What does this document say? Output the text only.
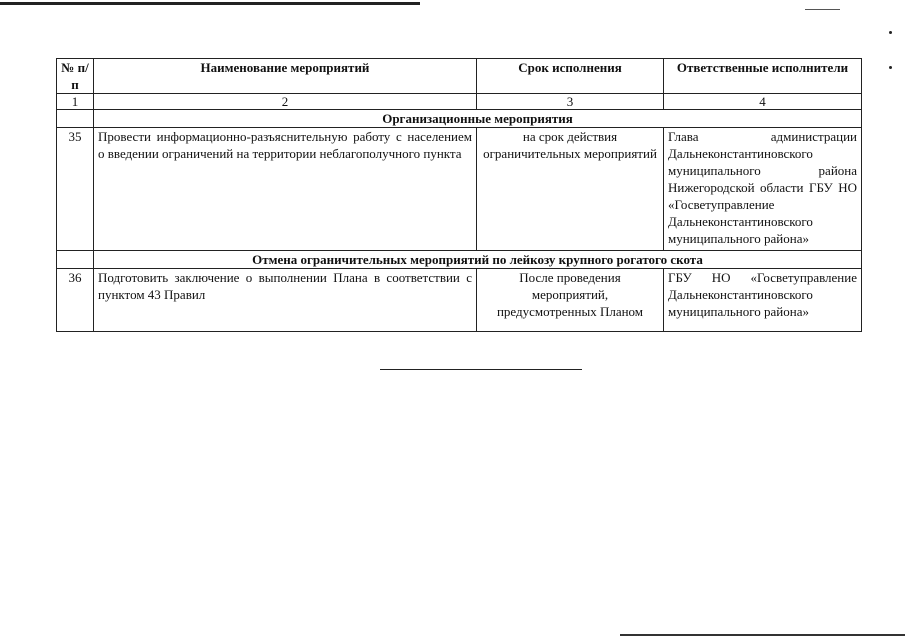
№ п/п	Наименование мероприятий	Срок исполнения	Ответственные исполнители
1	2	3	4
	Организационные мероприятия		
35	Провести информационно-разъяснительную работу с населением о введении ограничений на территории неблагополучного пункта	на срок действия ограничительных мероприятий	Глава администрации Дальнеконстантиновского муниципального района Нижегородской области ГБУ НО «Госветуправление Дальнеконстантиновского муниципального района»
	Отмена ограничительных мероприятий по лейкозу крупного рогатого скота		
36	Подготовить заключение о выполнении Плана в соответствии с пунктом 43 Правил	После проведения мероприятий, предусмотренных Планом	ГБУ НО «Госветуправление Дальнеконстантиновского муниципального района»
